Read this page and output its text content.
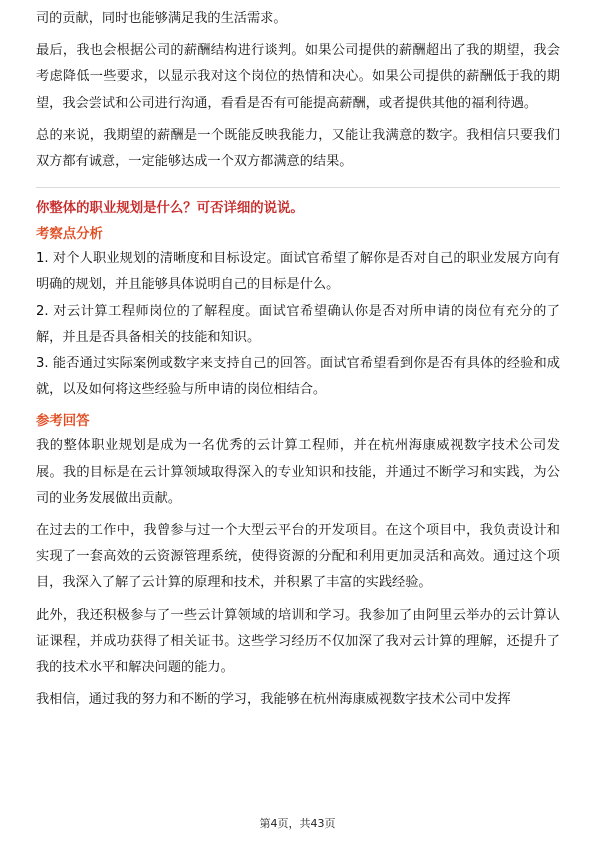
司的贡献，同时也能够满足我的生活需求。

最后，我也会根据公司的薪酬结构进行谈判。如果公司提供的薪酬超出了我的期望，我会考虑降低一些要求，以显示我对这个岗位的热情和决心。如果公司提供的薪酬低于我的期望，我会尝试和公司进行沟通，看看是否有可能提高薪酬，或者提供其他的福利待遇。

总的来说，我期望的薪酬是一个既能反映我能力，又能让我满意的数字。我相信只要我们双方都有诚意，一定能够达成一个双方都满意的结果。

你整体的职业规划是什么？可否详细的说说。
考察点分析

1. 对个人职业规划的清晰度和目标设定。面试官希望了解你是否对自己的职业发展方向有明确的规划，并且能够具体说明自己的目标是什么。

2. 对云计算工程师岗位的了解程度。面试官希望确认你是否对所申请的岗位有充分的了解，并且是否具备相关的技能和知识。

3. 能否通过实际案例或数字来支持自己的回答。面试官希望看到你是否有具体的经验和成就，以及如何将这些经验与所申请的岗位相结合。

参考回答

我的整体职业规划是成为一名优秀的云计算工程师，并在杭州海康威视数字技术公司发展。我的目标是在云计算领域取得深入的专业知识和技能，并通过不断学习和实践，为公司的业务发展做出贡献。

在过去的工作中，我曾参与过一个大型云平台的开发项目。在这个项目中，我负责设计和实现了一套高效的云资源管理系统，使得资源的分配和利用更加灵活和高效。通过这个项目，我深入了解了云计算的原理和技术，并积累了丰富的实践经验。

此外，我还积极参与了一些云计算领域的培训和学习。我参加了由阿里云举办的云计算认证课程，并成功获得了相关证书。这些学习经历不仅加深了我对云计算的理解，还提升了我的技术水平和解决问题的能力。

我相信，通过我的努力和不断的学习，我能够在杭州海康威视数字技术公司中发挥

第4页，共43页
